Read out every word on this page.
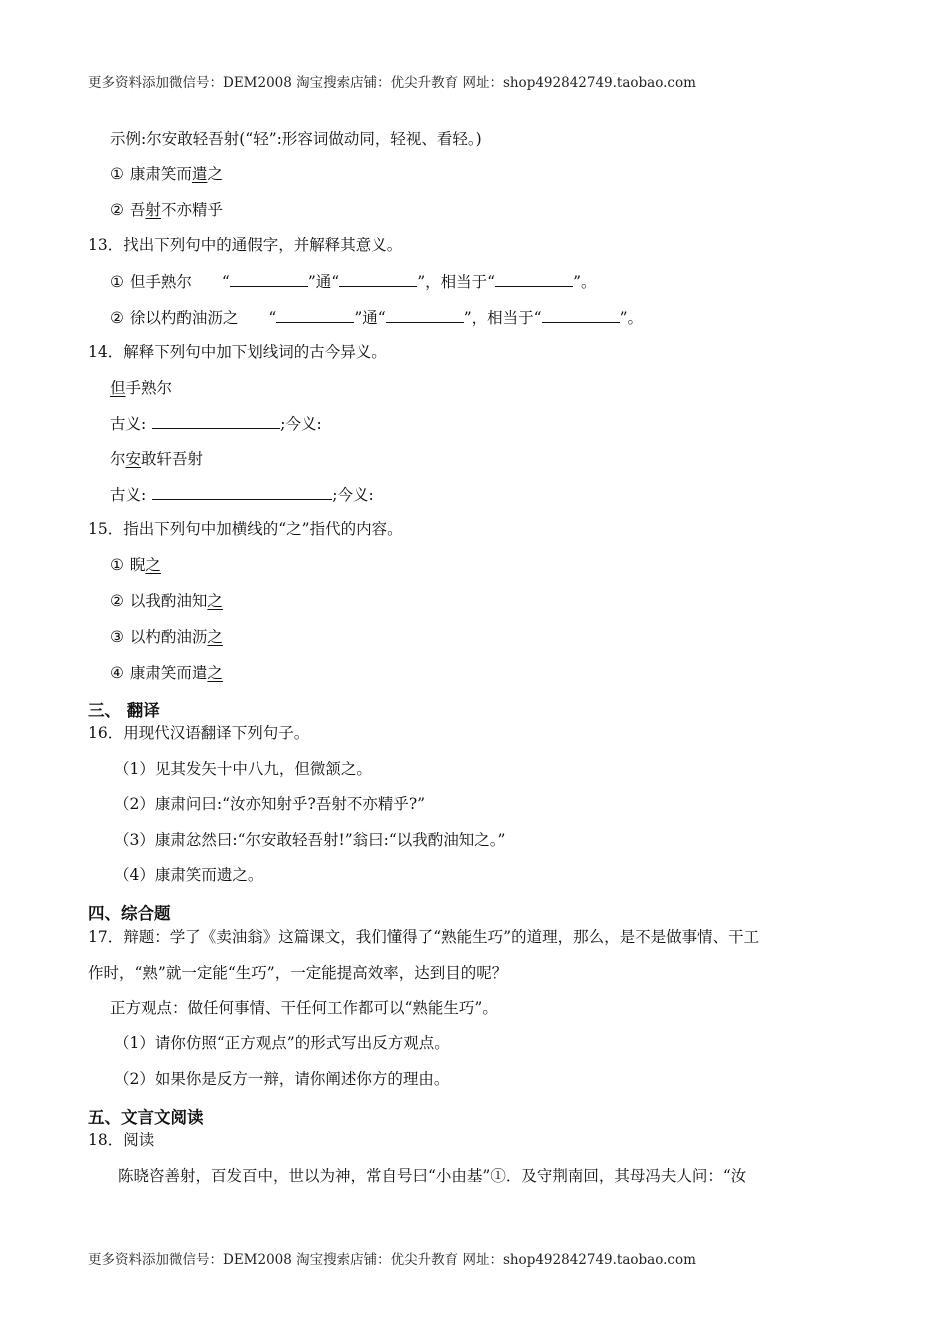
更多资料添加微信号：DEM2008 淘宝搜索店铺：优尖升教育 网址：shop492842749.taobao.com
示例:尔安敢轻吾射(“轻”:形容词做动同，轻视、看轻。)
① 康肃笑而遣之
② 吾射不亦精乎
13．找出下列句中的通假字，并解释其意义。
① 但手熟尔 “	”通“	”，相当于“	”。
② 徐以杓酌油沥之 “	”通“	”，相当于“	”。
14．解释下列句中加下划线词的古今异义。
但手熟尔
古义:	;今义:
尔安敢轩吾射
古义:	;今义:
15．指出下列句中加横线的“之”指代的内容。
① 睨之
② 以我酌油知之
③ 以杓酌油沥之
④ 康肃笑而遣之
三、 翻译
16．用现代汉语翻译下列句子。
（1）见其发矢十中八九，但微颔之。
（2）康肃问曰:“汝亦知射乎?吾射不亦精乎?”
（3）康肃忿然曰:“尔安敢轻吾射!”翁曰:“以我酌油知之。”
（4）康肃笑而遗之。
四、综合题
17．辩题：学了《卖油翁》这篇课文，我们懂得了“熟能生巧”的道理，那么，是不是做事情、干工
作时，“熟”就一定能“生巧”，一定能提高效率，达到目的呢？
正方观点：做任何事情、干任何工作都可以“熟能生巧”。
（1）请你仿照“正方观点”的形式写出反方观点。
（2）如果你是反方一辩，请你阐述你方的理由。
五、文言文阅读
18．阅读
陈晓咨善射，百发百中，世以为神，常自号曰“小由基”①．及守荆南回，其母冯夫人问：“汝
更多资料添加微信号：DEM2008 淘宝搜索店铺：优尖升教育 网址：shop492842749.taobao.com
